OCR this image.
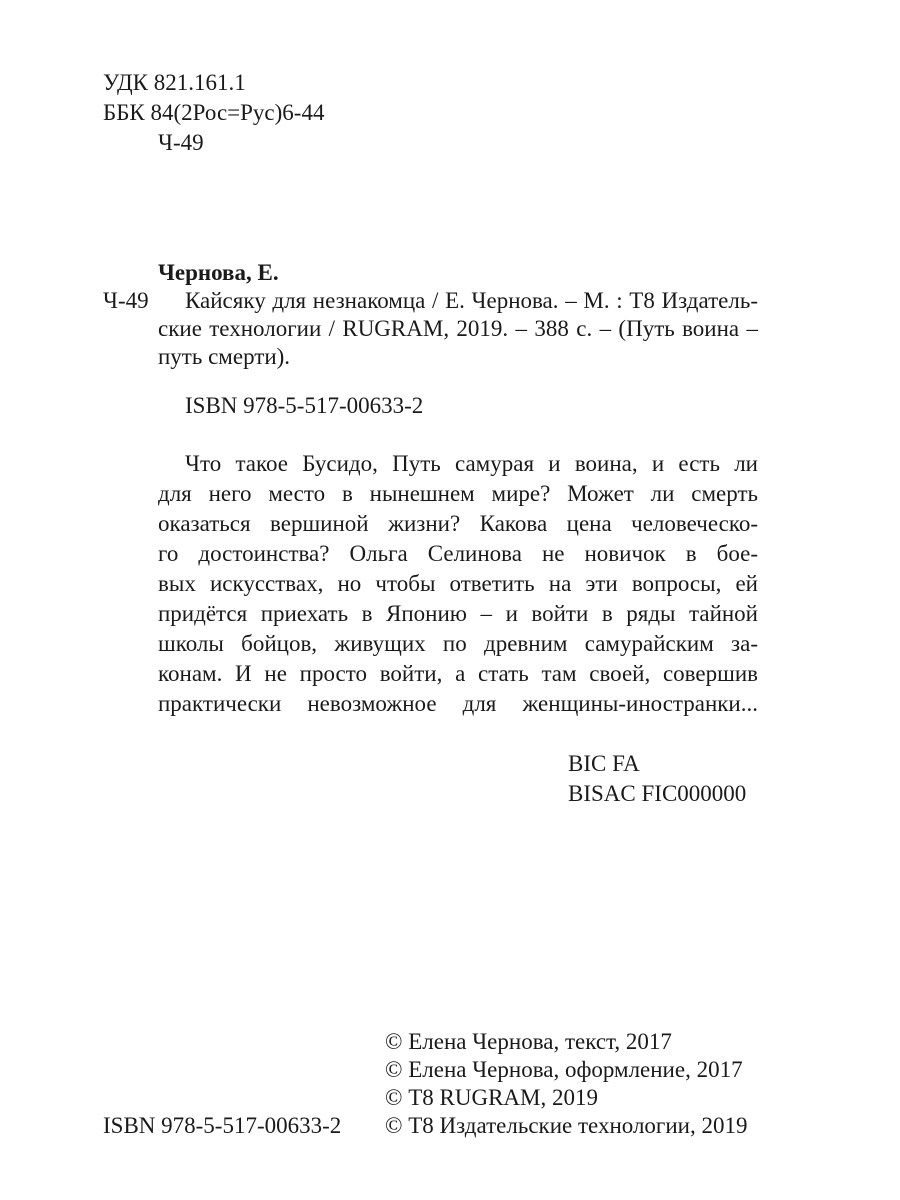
УДК 821.161.1
ББК 84(2Рос=Рус)6-44
Ч-49
Чернова, Е.
Ч-49 Кайсяку для незнакомца / Е. Чернова. – М. : Т8 Издатель-
ские технологии / RUGRAM, 2019. – 388 с. – (Путь воина –
путь смерти).
ISBN 978-5-517-00633-2
Что такое Бусидо, Путь самурая и воина, и есть ли
для него место в нынешнем мире? Может ли смерть
оказаться вершиной жизни? Какова цена человеческо-
го достоинства? Ольга Селинова не новичок в бое-
вых искусствах, но чтобы ответить на эти вопросы, ей
придётся приехать в Японию – и войти в ряды тайной
школы бойцов, живущих по древним самурайским за-
конам. И не просто войти, а стать там своей, совершив
практически невозможное для женщины-иностранки...
BIC FA
BISAC FIC000000
© Елена Чернова, текст, 2017
© Елена Чернова, оформление, 2017
© Т8 RUGRAM, 2019
© Т8 Издательские технологии, 2019
ISBN 978-5-517-00633-2
